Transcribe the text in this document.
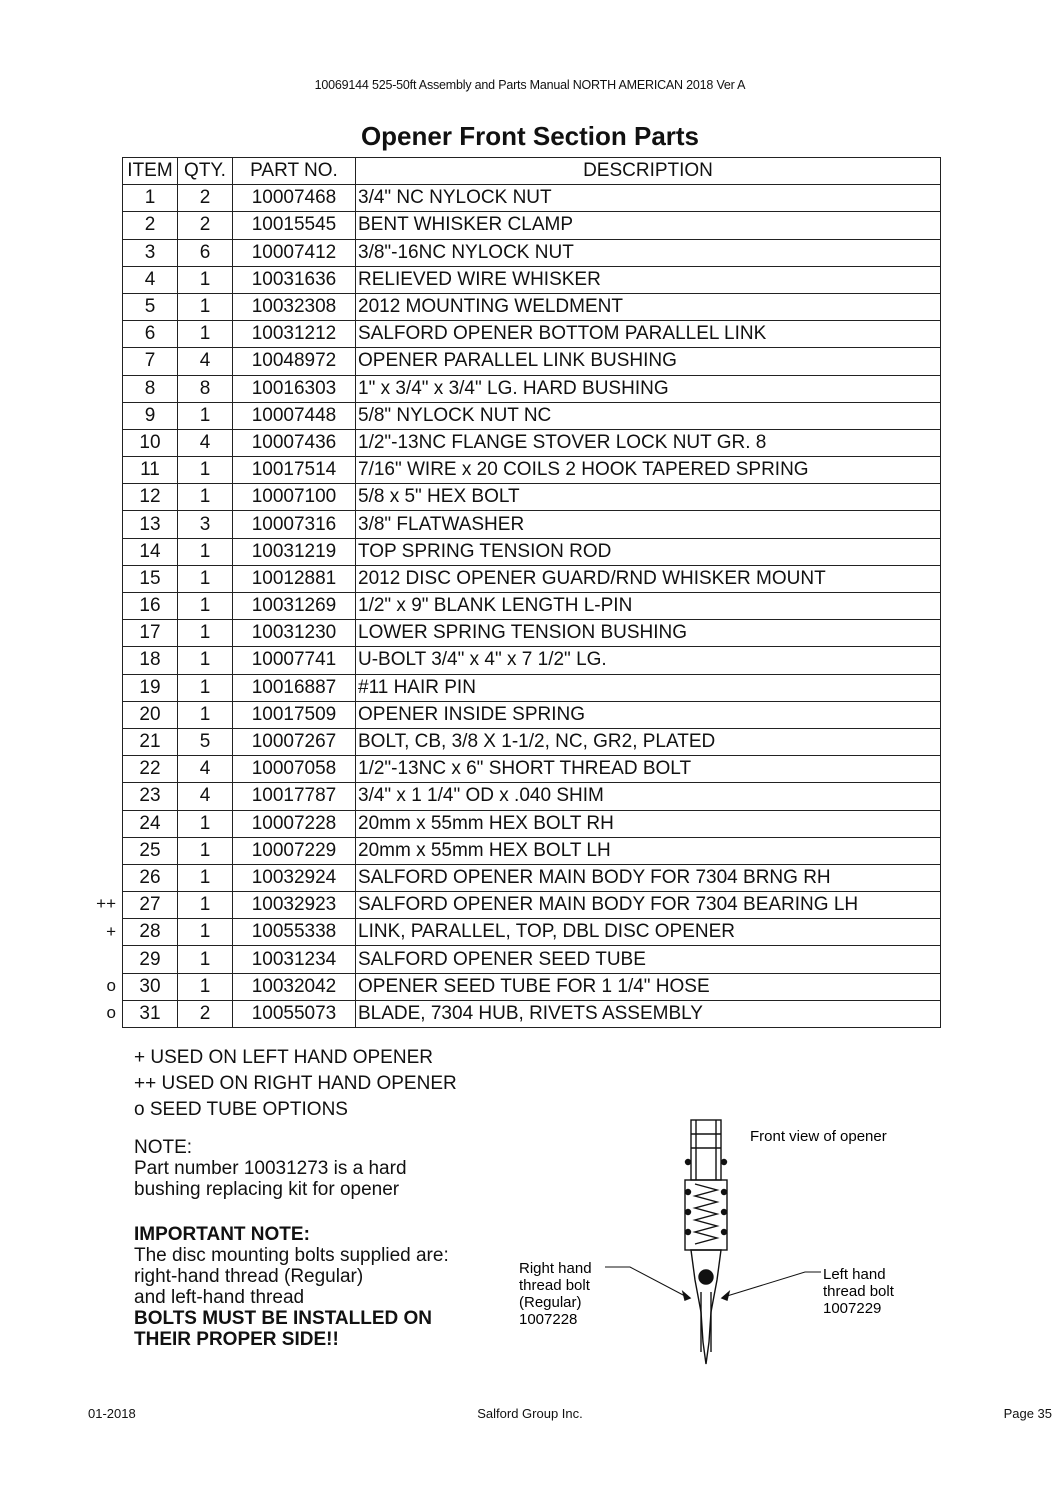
10069144 525-50ft Assembly and Parts Manual NORTH AMERICAN 2018 Ver A
Opener Front Section Parts
ITEM	QTY.	PART NO.	DESCRIPTION
1	2	10007468	3/4" NC NYLOCK NUT
2	2	10015545	BENT WHISKER CLAMP
3	6	10007412	3/8"-16NC NYLOCK NUT
4	1	10031636	RELIEVED WIRE WHISKER
5	1	10032308	2012 MOUNTING WELDMENT
6	1	10031212	SALFORD OPENER BOTTOM PARALLEL LINK
7	4	10048972	OPENER PARALLEL LINK BUSHING
8	8	10016303	1" x 3/4" x 3/4" LG. HARD BUSHING
9	1	10007448	5/8" NYLOCK NUT NC
10	4	10007436	1/2"-13NC FLANGE STOVER LOCK NUT GR. 8
11	1	10017514	7/16" WIRE x 20 COILS 2 HOOK TAPERED SPRING
12	1	10007100	5/8 x 5" HEX BOLT
13	3	10007316	3/8" FLATWASHER
14	1	10031219	TOP SPRING TENSION ROD
15	1	10012881	2012 DISC OPENER GUARD/RND WHISKER MOUNT
16	1	10031269	1/2" x 9" BLANK LENGTH L-PIN
17	1	10031230	LOWER SPRING TENSION BUSHING
18	1	10007741	U-BOLT 3/4" x 4" x 7 1/2" LG.
19	1	10016887	#11 HAIR PIN
20	1	10017509	OPENER INSIDE SPRING
21	5	10007267	BOLT, CB, 3/8 X 1-1/2, NC, GR2, PLATED
22	4	10007058	1/2"-13NC x 6" SHORT THREAD BOLT
23	4	10017787	3/4" x 1 1/4" OD x .040 SHIM
24	1	10007228	20mm x 55mm HEX BOLT RH
25	1	10007229	20mm x 55mm HEX BOLT LH
26	1	10032924	SALFORD OPENER MAIN BODY FOR 7304 BRNG RH
27	1	10032923	SALFORD OPENER MAIN BODY FOR 7304 BEARING LH
28	1	10055338	LINK, PARALLEL, TOP, DBL DISC OPENER
29	1	10031234	SALFORD OPENER SEED TUBE
30	1	10032042	OPENER SEED TUBE FOR 1 1/4" HOSE
31	2	10055073	BLADE, 7304 HUB, RIVETS ASSEMBLY
++
+
o
o
+ USED ON LEFT HAND OPENER
++ USED ON RIGHT HAND OPENER
o SEED TUBE OPTIONS
NOTE:
Part number 10031273 is a hard
bushing replacing kit for opener
IMPORTANT NOTE:
The disc mounting bolts supplied are:
right-hand thread (Regular)
and left-hand thread
BOLTS MUST BE INSTALLED ON
THEIR PROPER SIDE!!
Front view of opener
Right hand
thread bolt
(Regular)
1007228
Left hand
thread bolt
1007229
01-2018	Salford Group Inc.	Page 35
